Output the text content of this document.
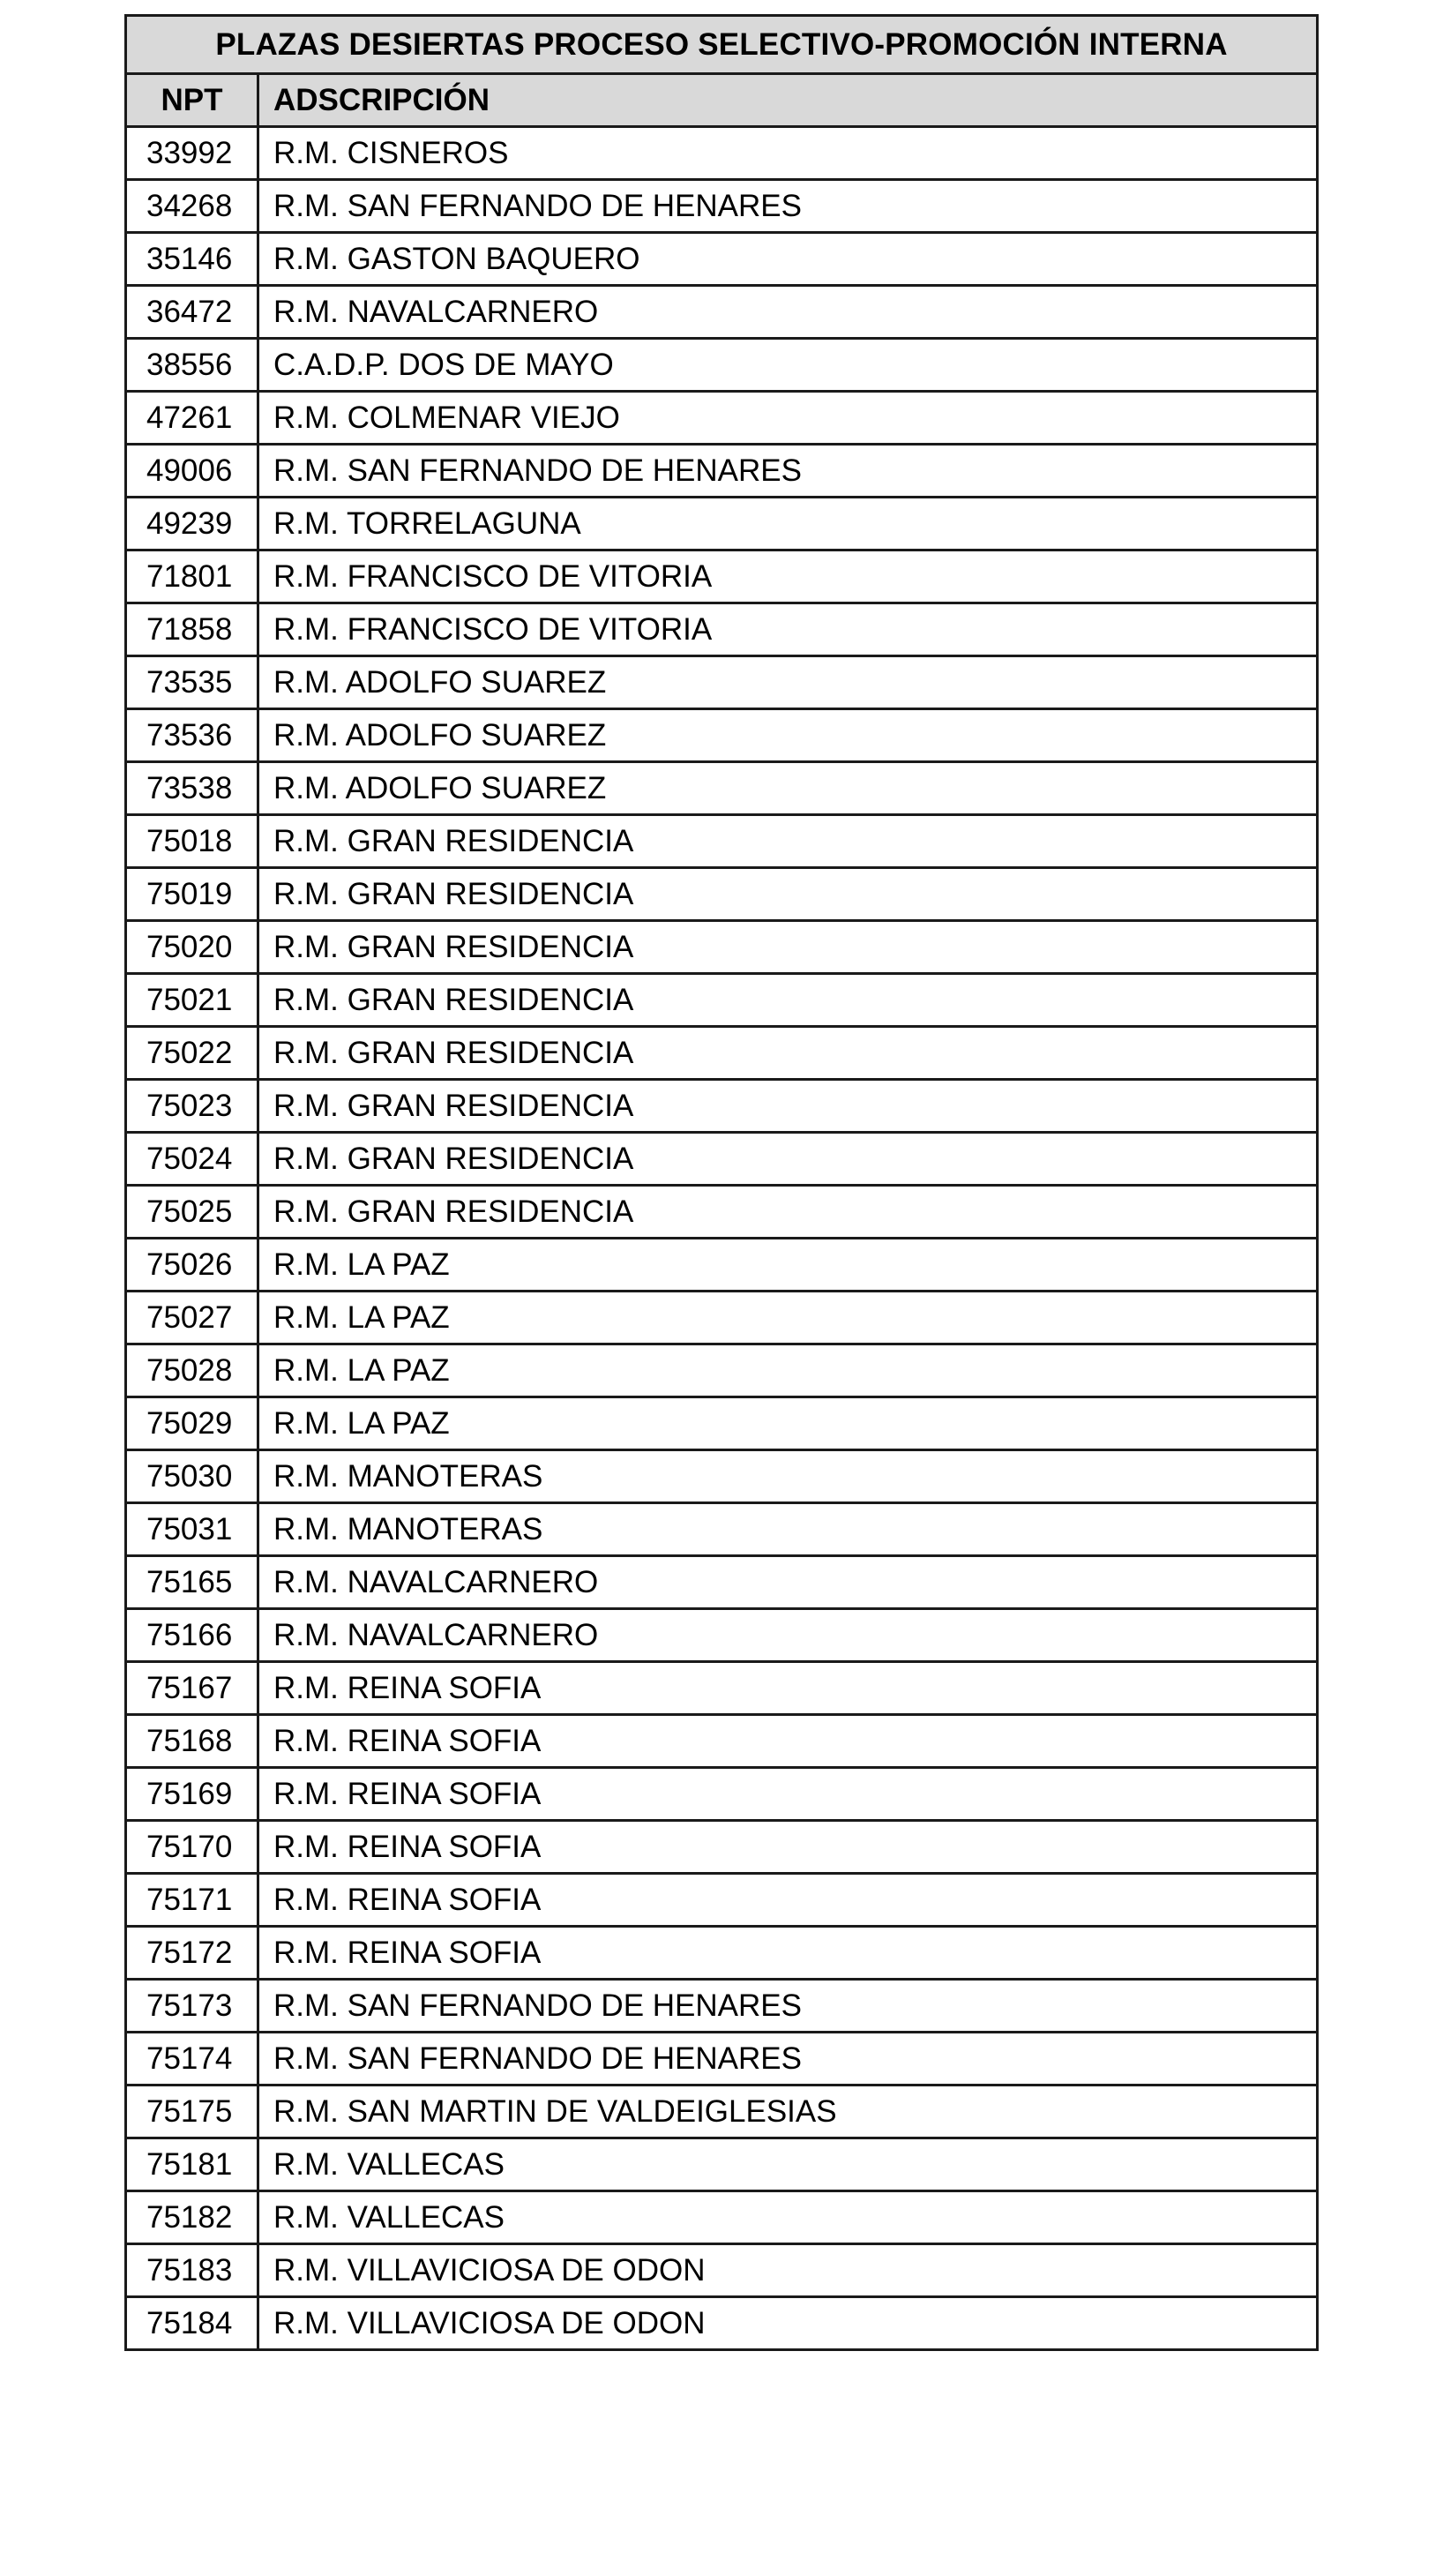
PLAZAS DESIERTAS PROCESO SELECTIVO-PROMOCIÓN INTERNA	
NPT	ADSCRIPCIÓN
33992	R.M. CISNEROS
34268	R.M. SAN FERNANDO DE HENARES
35146	R.M. GASTON BAQUERO
36472	R.M. NAVALCARNERO
38556	C.A.D.P. DOS DE MAYO
47261	R.M. COLMENAR VIEJO
49006	R.M. SAN FERNANDO DE HENARES
49239	R.M. TORRELAGUNA
71801	R.M. FRANCISCO DE VITORIA
71858	R.M. FRANCISCO DE VITORIA
73535	R.M. ADOLFO SUAREZ
73536	R.M. ADOLFO SUAREZ
73538	R.M. ADOLFO SUAREZ
75018	R.M. GRAN RESIDENCIA
75019	R.M. GRAN RESIDENCIA
75020	R.M. GRAN RESIDENCIA
75021	R.M. GRAN RESIDENCIA
75022	R.M. GRAN RESIDENCIA
75023	R.M. GRAN RESIDENCIA
75024	R.M. GRAN RESIDENCIA
75025	R.M. GRAN RESIDENCIA
75026	R.M. LA PAZ
75027	R.M. LA PAZ
75028	R.M. LA PAZ
75029	R.M. LA PAZ
75030	R.M. MANOTERAS
75031	R.M. MANOTERAS
75165	R.M. NAVALCARNERO
75166	R.M. NAVALCARNERO
75167	R.M. REINA SOFIA
75168	R.M. REINA SOFIA
75169	R.M. REINA SOFIA
75170	R.M. REINA SOFIA
75171	R.M. REINA SOFIA
75172	R.M. REINA SOFIA
75173	R.M. SAN FERNANDO DE HENARES
75174	R.M. SAN FERNANDO DE HENARES
75175	R.M. SAN MARTIN DE VALDEIGLESIAS
75181	R.M. VALLECAS
75182	R.M. VALLECAS
75183	R.M. VILLAVICIOSA DE ODON
75184	R.M. VILLAVICIOSA DE ODON
